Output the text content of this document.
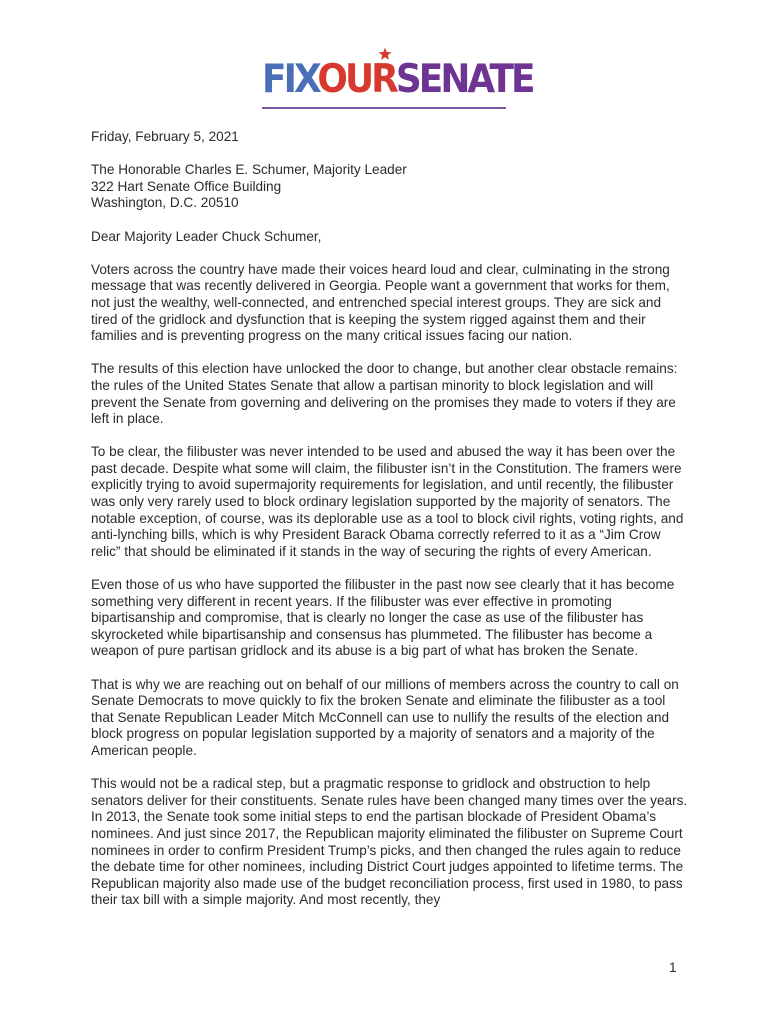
FIXOURSENATE

Friday, February 5, 2021

The Honorable Charles E. Schumer, Majority Leader
322 Hart Senate Office Building
Washington, D.C. 20510

Dear Majority Leader Chuck Schumer,

Voters across the country have made their voices heard loud and clear, culminating in the strong message that was recently delivered in Georgia. People want a government that works for them, not just the wealthy, well-connected, and entrenched special interest groups. They are sick and tired of the gridlock and dysfunction that is keeping the system rigged against them and their families and is preventing progress on the many critical issues facing our nation.

The results of this election have unlocked the door to change, but another clear obstacle remains: the rules of the United States Senate that allow a partisan minority to block legislation and will prevent the Senate from governing and delivering on the promises they made to voters if they are left in place.

To be clear, the filibuster was never intended to be used and abused the way it has been over the past decade. Despite what some will claim, the filibuster isn’t in the Constitution. The framers were explicitly trying to avoid supermajority requirements for legislation, and until recently, the filibuster was only very rarely used to block ordinary legislation supported by the majority of senators. The notable exception, of course, was its deplorable use as a tool to block civil rights, voting rights, and anti-lynching bills, which is why President Barack Obama correctly referred to it as a “Jim Crow relic” that should be eliminated if it stands in the way of securing the rights of every American.

Even those of us who have supported the filibuster in the past now see clearly that it has become something very different in recent years. If the filibuster was ever effective in promoting bipartisanship and compromise, that is clearly no longer the case as use of the filibuster has skyrocketed while bipartisanship and consensus has plummeted. The filibuster has become a weapon of pure partisan gridlock and its abuse is a big part of what has broken the Senate.

That is why we are reaching out on behalf of our millions of members across the country to call on Senate Democrats to move quickly to fix the broken Senate and eliminate the filibuster as a tool that Senate Republican Leader Mitch McConnell can use to nullify the results of the election and block progress on popular legislation supported by a majority of senators and a majority of the American people.

This would not be a radical step, but a pragmatic response to gridlock and obstruction to help senators deliver for their constituents. Senate rules have been changed many times over the years. In 2013, the Senate took some initial steps to end the partisan blockade of President Obama’s nominees. And just since 2017, the Republican majority eliminated the filibuster on Supreme Court nominees in order to confirm President Trump’s picks, and then changed the rules again to reduce the debate time for other nominees, including District Court judges appointed to lifetime terms. The Republican majority also made use of the budget reconciliation process, first used in 1980, to pass their tax bill with a simple majority. And most recently, they

1
